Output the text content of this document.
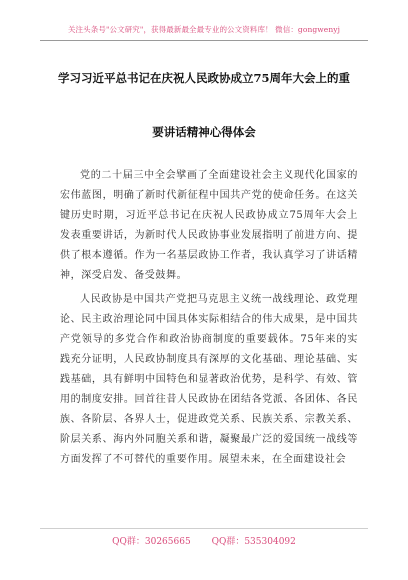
关注头条号"公文研究"，获得最新最全最专业的公文资料库！ 微信：gongwenyj
学习习近平总书记在庆祝人民政协成立75周年大会上的重
要讲话精神心得体会

党的二十届三中全会擘画了全面建设社会主义现代化国家的宏伟蓝图，明确了新时代新征程中国共产党的使命任务。在这关键历史时期，习近平总书记在庆祝人民政协成立75周年大会上发表重要讲话，为新时代人民政协事业发展指明了前进方向、提供了根本遵循。作为一名基层政协工作者，我认真学习了讲话精神，深受启发、备受鼓舞。

人民政协是中国共产党把马克思主义统一战线理论、政党理论、民主政治理论同中国具体实际相结合的伟大成果，是中国共产党领导的多党合作和政治协商制度的重要载体。75年来的实践充分证明，人民政协制度具有深厚的文化基础、理论基础、实践基础，具有鲜明中国特色和显著政治优势，是科学、有效、管用的制度安排。回首往昔人民政协在团结各党派、各团体、各民族、各阶层、各界人士，促进政党关系、民族关系、宗教关系、阶层关系、海内外同胞关系和谐，凝聚最广泛的爱国统一战线等方面发挥了不可替代的重要作用。展望未来，在全面建设社会

QQ群：30265665 QQ群：535304092
